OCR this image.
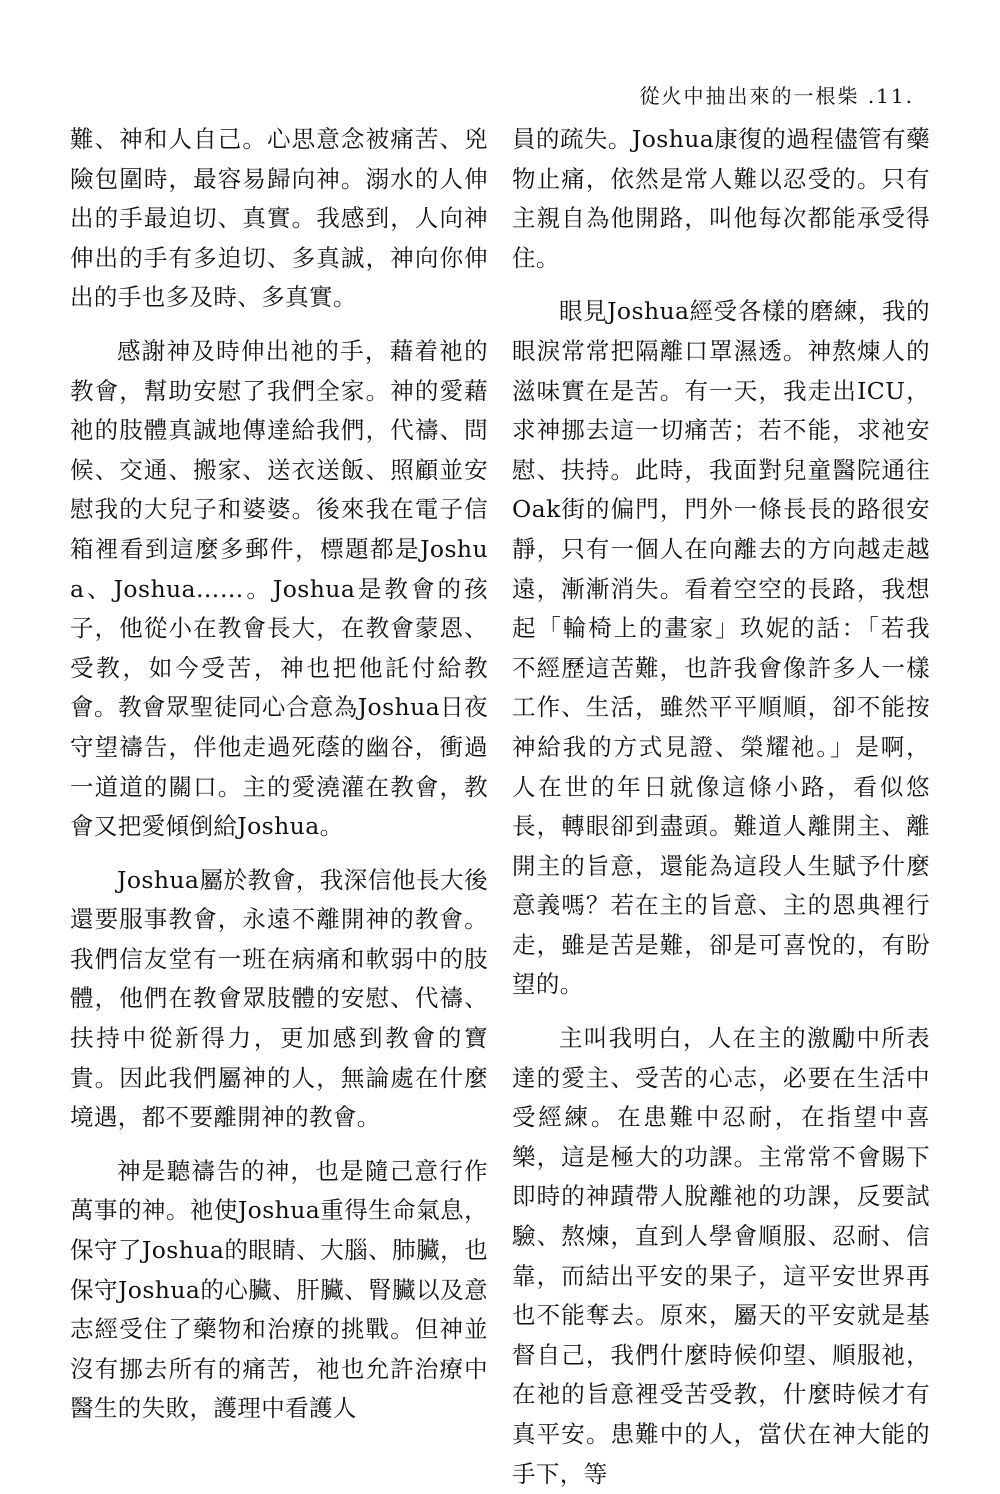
從火中抽出來的一根柴 .11.

難、神和人自己。心思意念被痛苦、兇險包圍時，最容易歸向神。溺水的人伸出的手最迫切、真實。我感到，人向神伸出的手有多迫切、多真誠，神向你伸出的手也多及時、多真實。

感謝神及時伸出祂的手，藉着祂的教會，幫助安慰了我們全家。神的愛藉祂的肢體真誠地傳達給我們，代禱、問候、交通、搬家、送衣送飯、照顧並安慰我的大兒子和婆婆。後來我在電子信箱裡看到這麼多郵件，標題都是Joshua、Joshua……。Joshua是教會的孩子，他從小在教會長大，在教會蒙恩、受教，如今受苦，神也把他託付給教會。教會眾聖徒同心合意為Joshua日夜守望禱告，伴他走過死蔭的幽谷，衝過一道道的關口。主的愛澆灌在教會，教會又把愛傾倒給Joshua。

Joshua屬於教會，我深信他長大後還要服事教會，永遠不離開神的教會。我們信友堂有一班在病痛和軟弱中的肢體，他們在教會眾肢體的安慰、代禱、扶持中從新得力，更加感到教會的寶貴。因此我們屬神的人，無論處在什麼境遇，都不要離開神的教會。

神是聽禱告的神，也是隨己意行作萬事的神。祂使Joshua重得生命氣息，保守了Joshua的眼睛、大腦、肺臟，也保守Joshua的心臟、肝臟、腎臟以及意志經受住了藥物和治療的挑戰。但神並沒有挪去所有的痛苦，祂也允許治療中醫生的失敗，護理中看護人

員的疏失。Joshua康復的過程儘管有藥物止痛，依然是常人難以忍受的。只有主親自為他開路，叫他每次都能承受得住。

眼見Joshua經受各樣的磨練，我的眼淚常常把隔離口罩濕透。神熬煉人的滋味實在是苦。有一天，我走出ICU，求神挪去這一切痛苦；若不能，求祂安慰、扶持。此時，我面對兒童醫院通往Oak街的偏門，門外一條長長的路很安靜，只有一個人在向離去的方向越走越遠，漸漸消失。看着空空的長路，我想起「輪椅上的畫家」玖妮的話：「若我不經歷這苦難，也許我會像許多人一樣工作、生活，雖然平平順順，卻不能按神給我的方式見證、榮耀祂。」是啊，人在世的年日就像這條小路，看似悠長，轉眼卻到盡頭。難道人離開主、離開主的旨意，還能為這段人生賦予什麼意義嗎？若在主的旨意、主的恩典裡行走，雖是苦是難，卻是可喜悅的，有盼望的。

主叫我明白，人在主的激勵中所表達的愛主、受苦的心志，必要在生活中受經練。在患難中忍耐，在指望中喜樂，這是極大的功課。主常常不會賜下即時的神蹟帶人脫離祂的功課，反要試驗、熬煉，直到人學會順服、忍耐、信靠，而結出平安的果子，這平安世界再也不能奪去。原來，屬天的平安就是基督自己，我們什麼時候仰望、順服祂，在祂的旨意裡受苦受教，什麼時候才有真平安。患難中的人，當伏在神大能的手下，等
